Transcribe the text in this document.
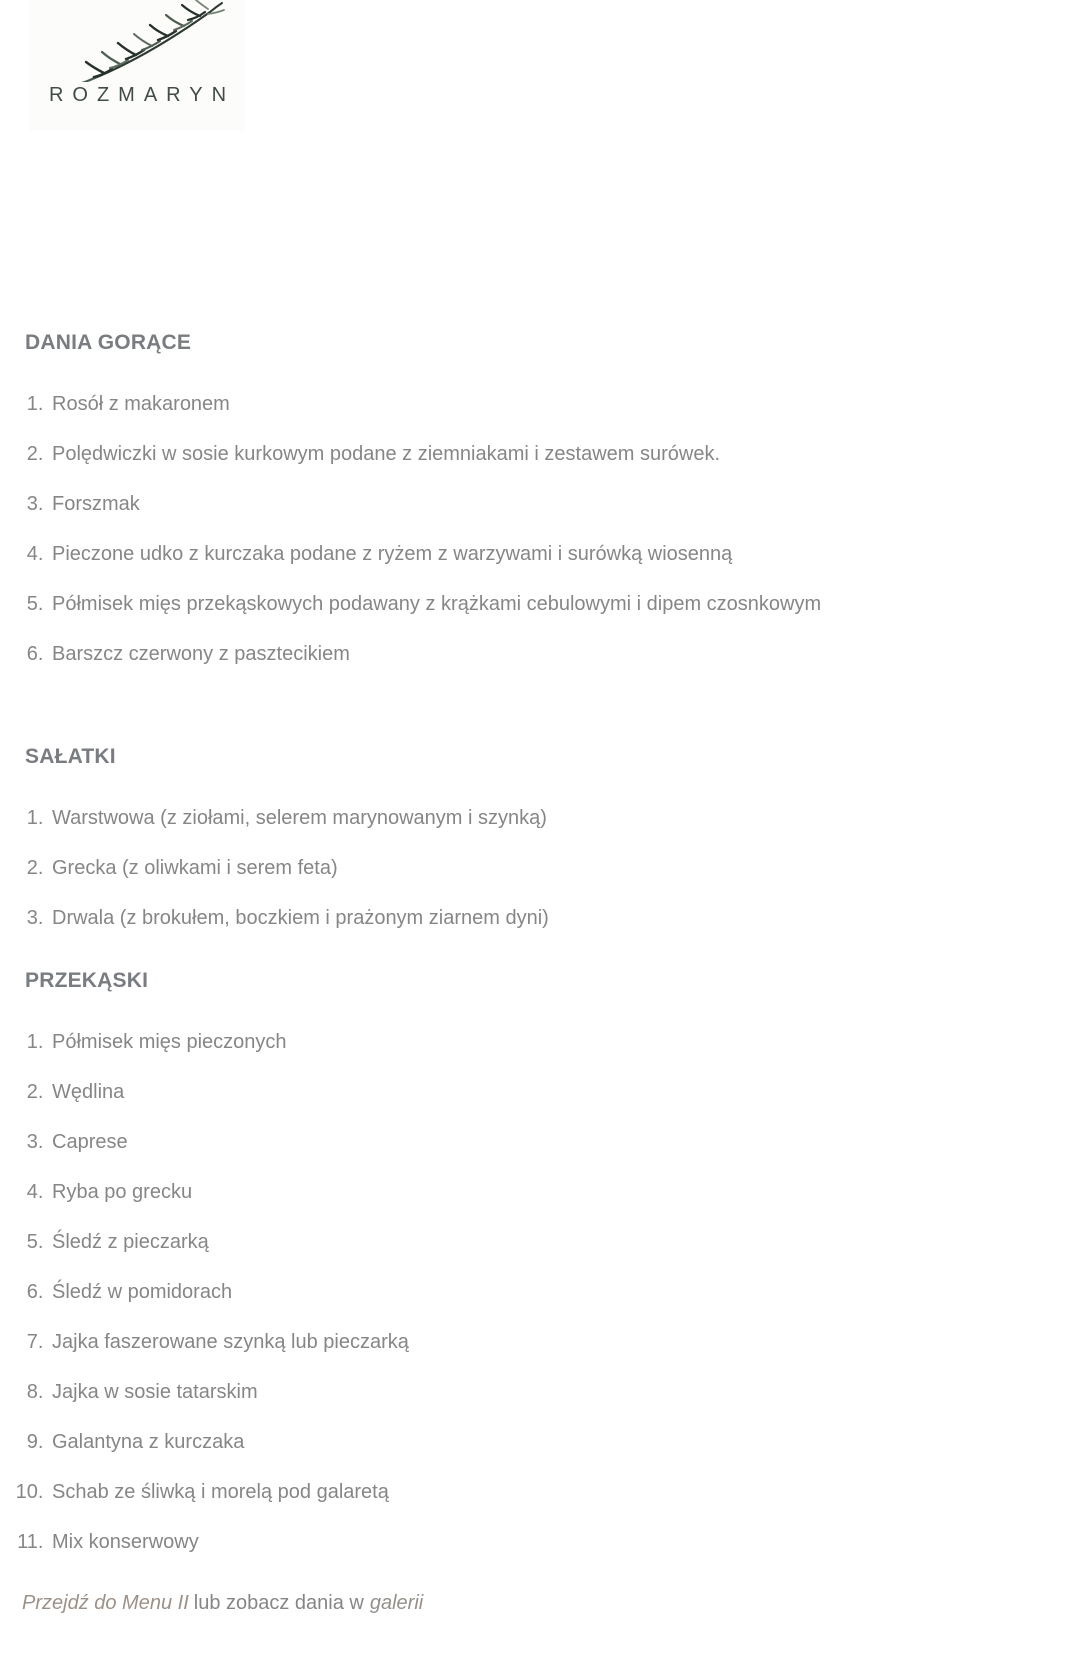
ROZMARYN
DANIA GORĄCE
1. Rosół z makaronem
2. Polędwiczki w sosie kurkowym podane z ziemniakami i zestawem surówek.
3. Forszmak
4. Pieczone udko z kurczaka podane z ryżem z warzywami i surówką wiosenną
5. Półmisek mięs przekąskowych podawany z krążkami cebulowymi i dipem czosnkowym
6. Barszcz czerwony z pasztecikiem
SAŁATKI
1. Warstwowa (z ziołami, selerem marynowanym i szynką)
2. Grecka (z oliwkami i serem feta)
3. Drwala (z brokułem, boczkiem i prażonym ziarnem dyni)
PRZEKĄSKI
1. Półmisek mięs pieczonych
2. Wędlina
3. Caprese
4. Ryba po grecku
5. Śledź z pieczarką
6. Śledź w pomidorach
7. Jajka faszerowane szynką lub pieczarką
8. Jajka w sosie tatarskim
9. Galantyna z kurczaka
10. Schab ze śliwką i morelą pod galaretą
11. Mix konserwowy

Przejdź do Menu II lub zobacz dania w galerii
